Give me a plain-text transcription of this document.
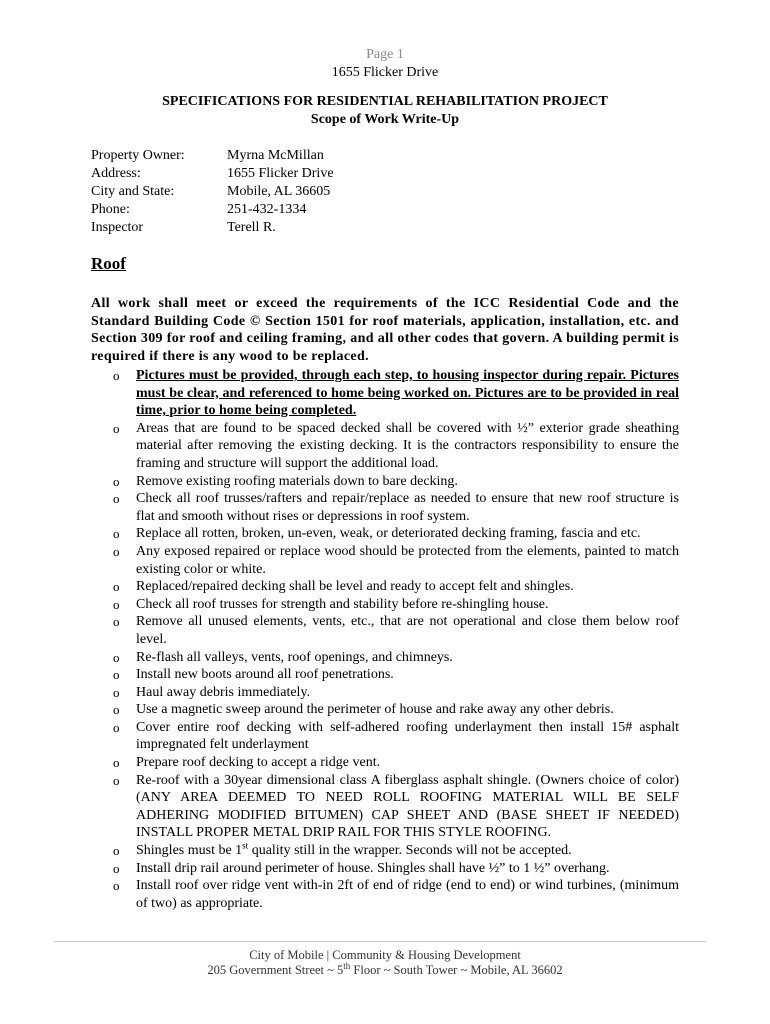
Page 1
1655 Flicker Drive
SPECIFICATIONS FOR RESIDENTIAL REHABILITATION PROJECT
Scope of Work Write-Up
Property Owner:	Myrna McMillan
Address:	1655 Flicker Drive
City and State:	Mobile, AL 36605
Phone:	251-432-1334
Inspector	Terell R.
Roof
All work shall meet or exceed the requirements of the ICC Residential Code and the Standard Building Code © Section 1501 for roof materials, application, installation, etc. and Section 309 for roof and ceiling framing, and all other codes that govern. A building permit is required if there is any wood to be replaced.
o Pictures must be provided, through each step, to housing inspector during repair. Pictures must be clear, and referenced to home being worked on. Pictures are to be provided in real time, prior to home being completed.
o Areas that are found to be spaced decked shall be covered with ½” exterior grade sheathing material after removing the existing decking. It is the contractors responsibility to ensure the framing and structure will support the additional load.
o Remove existing roofing materials down to bare decking.
o Check all roof trusses/rafters and repair/replace as needed to ensure that new roof structure is flat and smooth without rises or depressions in roof system.
o Replace all rotten, broken, un-even, weak, or deteriorated decking framing, fascia and etc.
o Any exposed repaired or replace wood should be protected from the elements, painted to match existing color or white.
o Replaced/repaired decking shall be level and ready to accept felt and shingles.
o Check all roof trusses for strength and stability before re-shingling house.
o Remove all unused elements, vents, etc., that are not operational and close them below roof level.
o Re-flash all valleys, vents, roof openings, and chimneys.
o Install new boots around all roof penetrations.
o Haul away debris immediately.
o Use a magnetic sweep around the perimeter of house and rake away any other debris.
o Cover entire roof decking with self-adhered roofing underlayment then install 15# asphalt impregnated felt underlayment
o Prepare roof decking to accept a ridge vent.
o Re-roof with a 30year dimensional class A fiberglass asphalt shingle. (Owners choice of color) (ANY AREA DEEMED TO NEED ROLL ROOFING MATERIAL WILL BE SELF ADHERING MODIFIED BITUMEN) CAP SHEET AND (BASE SHEET IF NEEDED) INSTALL PROPER METAL DRIP RAIL FOR THIS STYLE ROOFING.
o Shingles must be 1st quality still in the wrapper. Seconds will not be accepted.
o Install drip rail around perimeter of house. Shingles shall have ½” to 1 ½” overhang.
o Install roof over ridge vent with-in 2ft of end of ridge (end to end) or wind turbines, (minimum of two) as appropriate.
City of Mobile | Community & Housing Development
205 Government Street ~ 5th Floor ~ South Tower ~ Mobile, AL 36602
